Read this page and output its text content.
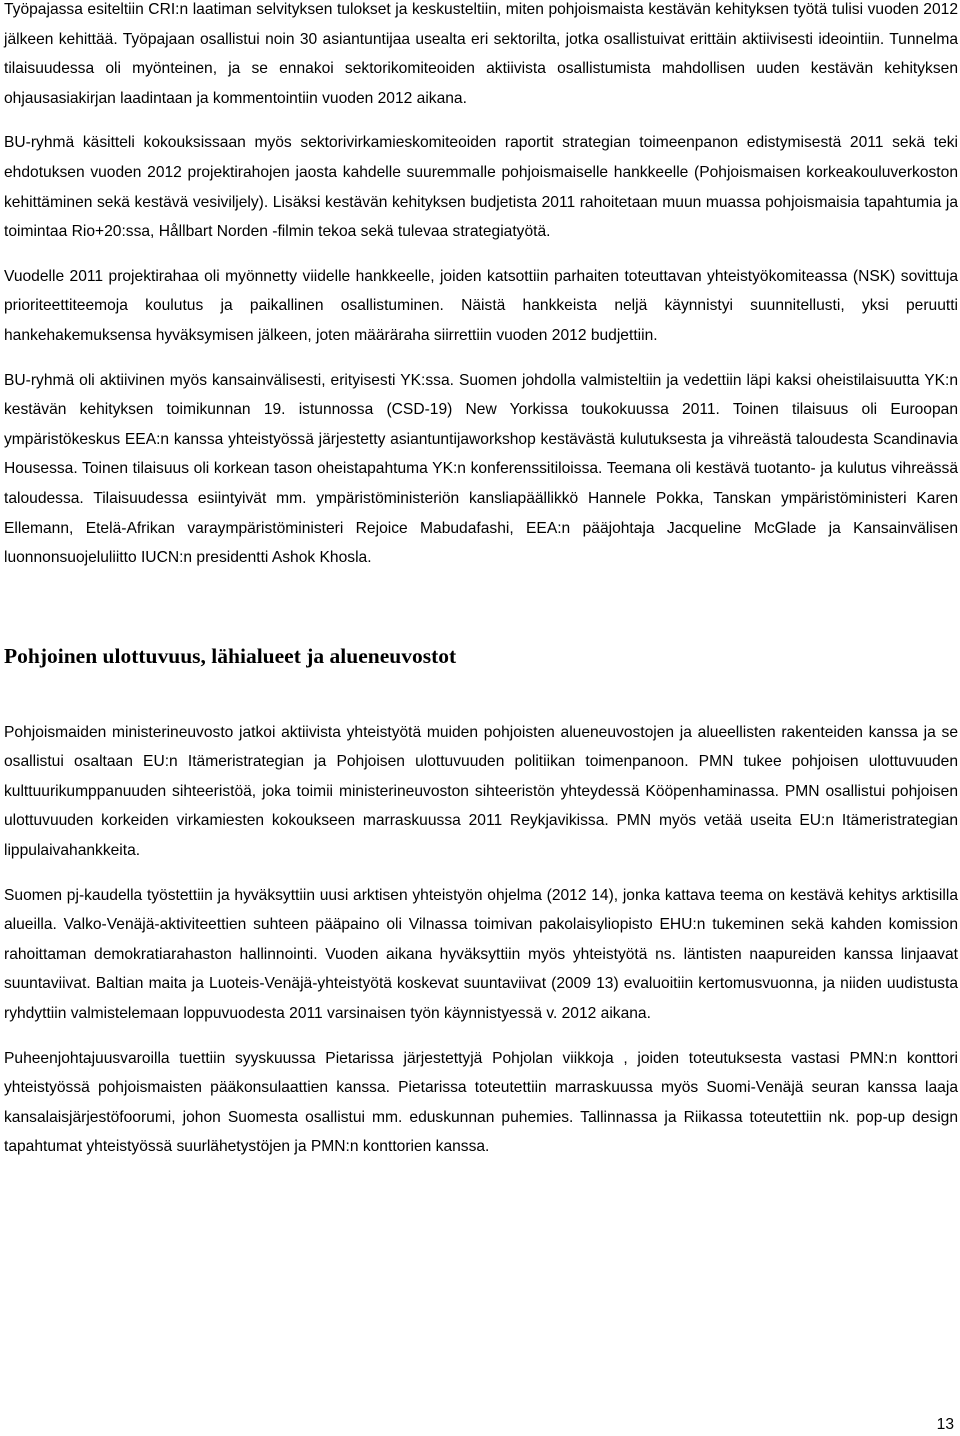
Työpajassa esiteltiin CRI:n laatiman selvityksen tulokset ja keskusteltiin, miten pohjoismaista kestävän kehityksen työtä tulisi vuoden 2012 jälkeen kehittää. Työpajaan osallistui noin 30 asiantuntijaa usealta eri sektorilta, jotka osallistuivat erittäin aktiivisesti ideointiin. Tunnelma tilaisuudessa oli myönteinen, ja se ennakoi sektorikomiteoiden aktiivista osallistumista mahdollisen uuden kestävän kehityksen ohjausasiakirjan laadintaan ja kommentointiin vuoden 2012 aikana.

BU-ryhmä käsitteli kokouksissaan myös sektorivirkamieskomiteoiden raportit strategian toimeenpanon edistymisestä 2011 sekä teki ehdotuksen vuoden 2012 projektirahojen jaosta kahdelle suuremmalle pohjoismaiselle hankkeelle (Pohjoismaisen korkeakouluverkoston kehittäminen sekä kestävä vesiviljely). Lisäksi kestävän kehityksen budjetista 2011 rahoitetaan muun muassa pohjoismaisia tapahtumia ja toimintaa Rio+20:ssa, Hållbart Norden -filmin tekoa sekä tulevaa strategiatyötä.

Vuodelle 2011 projektirahaa oli myönnetty viidelle hankkeelle, joiden katsottiin parhaiten toteuttavan yhteistyökomiteassa (NSK) sovittuja prioriteettiteemoja koulutus ja paikallinen osallistuminen. Näistä hankkeista neljä käynnistyi suunnitellusti, yksi peruutti hankehakemuksensa hyväksymisen jälkeen, joten määräraha siirrettiin vuoden 2012 budjettiin.

BU-ryhmä oli aktiivinen myös kansainvälisesti, erityisesti YK:ssa. Suomen johdolla valmisteltiin ja vedettiin läpi kaksi oheistilaisuutta YK:n kestävän kehityksen toimikunnan 19. istunnossa (CSD-19) New Yorkissa toukokuussa 2011. Toinen tilaisuus oli Euroopan ympäristökeskus EEA:n kanssa yhteistyössä järjestetty asiantuntijaworkshop kestävästä kulutuksesta ja vihreästä taloudesta Scandinavia Housessa. Toinen tilaisuus oli korkean tason oheistapahtuma YK:n konferenssitiloissa. Teemana oli kestävä tuotanto- ja kulutus vihreässä taloudessa. Tilaisuudessa esiintyivät mm. ympäristöministeriön kansliapäällikkö Hannele Pokka, Tanskan ympäristöministeri Karen Ellemann, Etelä-Afrikan varaympäristöministeri Rejoice Mabudafashi, EEA:n pääjohtaja Jacqueline McGlade ja Kansainvälisen luonnonsuojeluliitto IUCN:n presidentti Ashok Khosla.

Pohjoinen ulottuvuus, lähialueet ja alueneuvostot

Pohjoismaiden ministerineuvosto jatkoi aktiivista yhteistyötä muiden pohjoisten alueneuvostojen ja alueellisten rakenteiden kanssa ja se osallistui osaltaan EU:n Itämeristrategian ja Pohjoisen ulottuvuuden politiikan toimenpanoon. PMN tukee pohjoisen ulottuvuuden kulttuurikumppanuuden sihteeristöä, joka toimii ministerineuvoston sihteeristön yhteydessä Kööpenhaminassa. PMN osallistui pohjoisen ulottuvuuden korkeiden virkamiesten kokoukseen marraskuussa 2011 Reykjavikissa. PMN myös vetää useita EU:n Itämeristrategian lippulaivahankkeita.

Suomen pj-kaudella työstettiin ja hyväksyttiin uusi arktisen yhteistyön ohjelma (2012 14), jonka kattava teema on kestävä kehitys arktisilla alueilla. Valko-Venäjä-aktiviteettien suhteen pääpaino oli Vilnassa toimivan pakolaisyliopisto EHU:n tukeminen sekä kahden komission rahoittaman demokratiarahaston hallinnointi. Vuoden aikana hyväksyttiin myös yhteistyötä ns. läntisten naapureiden kanssa linjaavat suuntaviivat. Baltian maita ja Luoteis-Venäjä-yhteistyötä koskevat suuntaviivat (2009 13) evaluoitiin kertomusvuonna, ja niiden uudistusta ryhdyttiin valmistelemaan loppuvuodesta 2011 varsinaisen työn käynnistyessä v. 2012 aikana.

Puheenjohtajuusvaroilla tuettiin syyskuussa Pietarissa järjestettyjä Pohjolan viikkoja , joiden toteutuksesta vastasi PMN:n konttori yhteistyössä pohjoismaisten pääkonsulaattien kanssa. Pietarissa toteutettiin marraskuussa myös Suomi-Venäjä seuran kanssa laaja kansalaisjärjestöfoorumi, johon Suomesta osallistui mm. eduskunnan puhemies. Tallinnassa ja Riikassa toteutettiin nk. pop-up design tapahtumat yhteistyössä suurlähetystöjen ja PMN:n konttorien kanssa.

13
